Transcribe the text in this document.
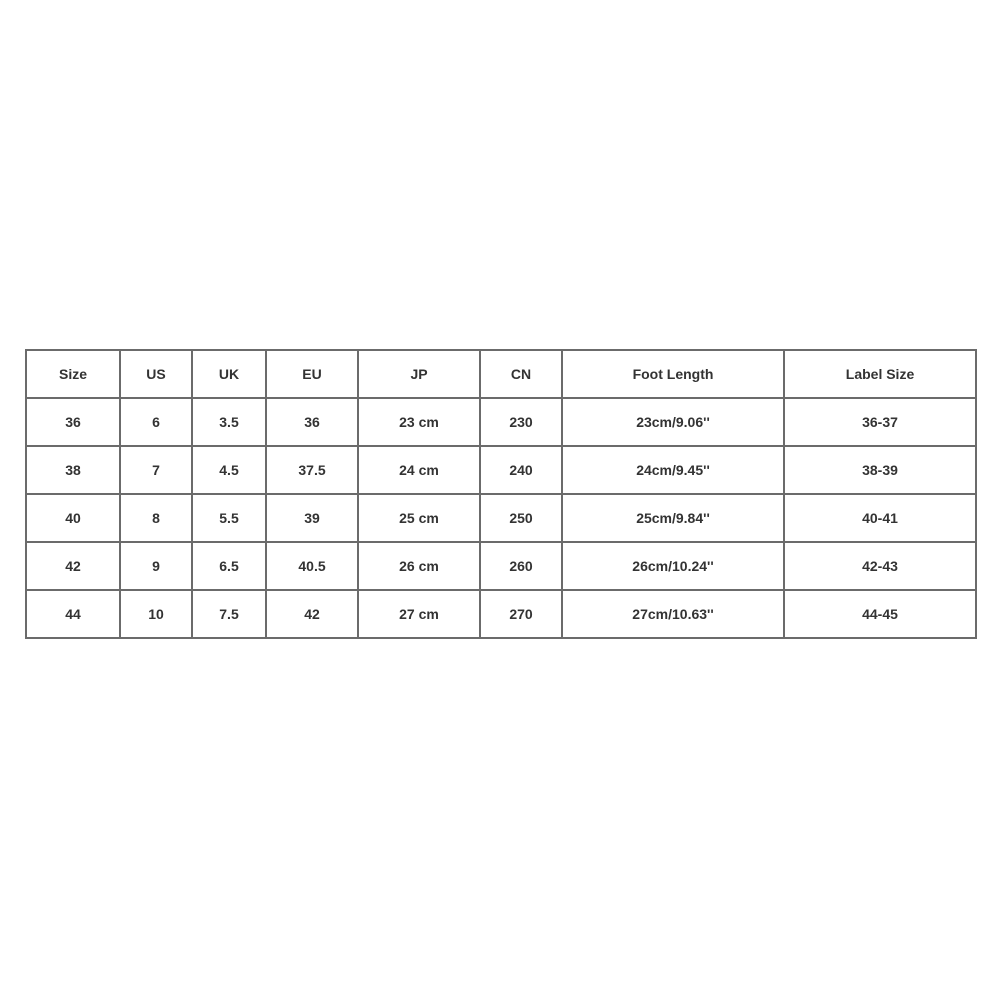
Size	US	UK	EU	JP	CN	Foot Length	Label Size
36	6	3.5	36	23 cm	230	23cm/9.06''	36-37
38	7	4.5	37.5	24 cm	240	24cm/9.45''	38-39
40	8	5.5	39	25 cm	250	25cm/9.84''	40-41
42	9	6.5	40.5	26 cm	260	26cm/10.24''	42-43
44	10	7.5	42	27 cm	270	27cm/10.63''	44-45
